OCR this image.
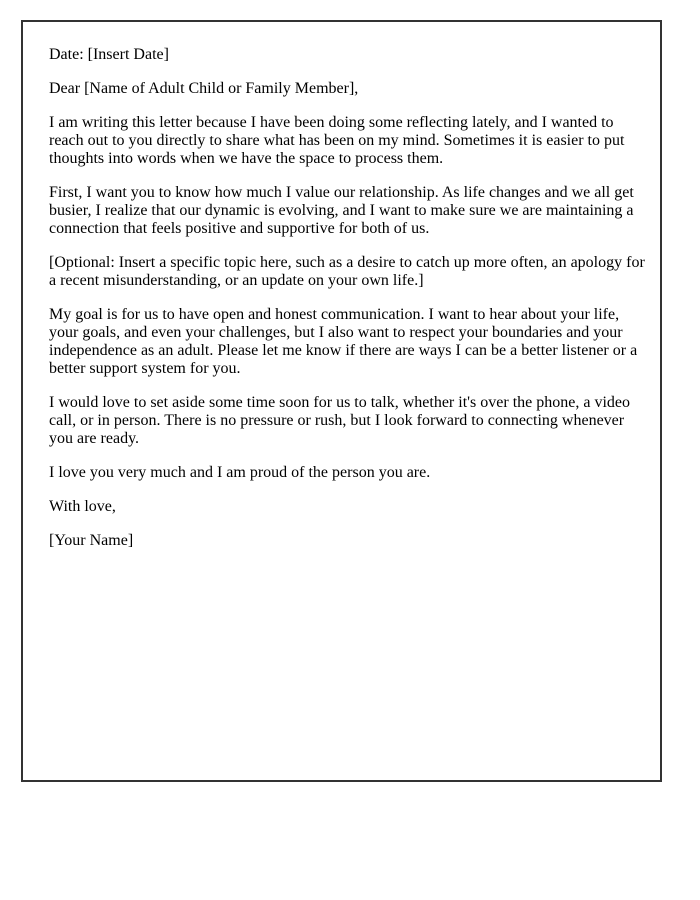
Date: [Insert Date]

Dear [Name of Adult Child or Family Member],

I am writing this letter because I have been doing some reflecting lately, and I wanted to reach out to you directly to share what has been on my mind. Sometimes it is easier to put thoughts into words when we have the space to process them.

First, I want you to know how much I value our relationship. As life changes and we all get busier, I realize that our dynamic is evolving, and I want to make sure we are maintaining a connection that feels positive and supportive for both of us.

[Optional: Insert a specific topic here, such as a desire to catch up more often, an apology for a recent misunderstanding, or an update on your own life.]

My goal is for us to have open and honest communication. I want to hear about your life, your goals, and even your challenges, but I also want to respect your boundaries and your independence as an adult. Please let me know if there are ways I can be a better listener or a better support system for you.

I would love to set aside some time soon for us to talk, whether it's over the phone, a video call, or in person. There is no pressure or rush, but I look forward to connecting whenever you are ready.

I love you very much and I am proud of the person you are.

With love,

[Your Name]
